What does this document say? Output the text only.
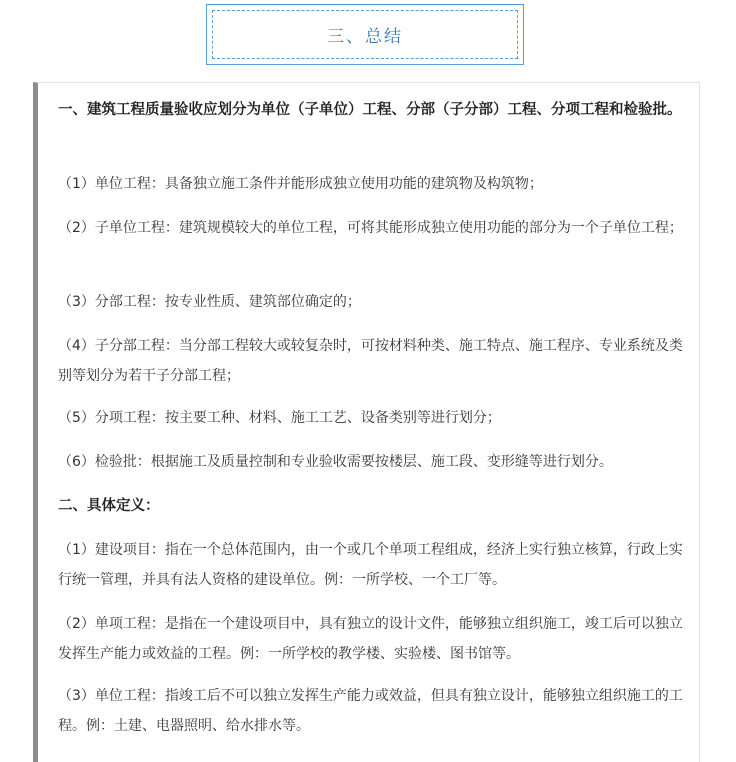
三、总结
一、建筑工程质量验收应划分为单位（子单位）工程、分部（子分部）工程、分项工程和检验批。
（1）单位工程：具备独立施工条件并能形成独立使用功能的建筑物及构筑物；
（2）子单位工程：建筑规模较大的单位工程，可将其能形成独立使用功能的部分为一个子单位工程；
（3）分部工程：按专业性质、建筑部位确定的；
（4）子分部工程：当分部工程较大或较复杂时，可按材料种类、施工特点、施工程序、专业系统及类别等划分为若干子分部工程；
（5）分项工程：按主要工种、材料、施工工艺、设备类别等进行划分；
（6）检验批：根据施工及质量控制和专业验收需要按楼层、施工段、变形缝等进行划分。
二、具体定义：
（1）建设项目：指在一个总体范围内，由一个或几个单项工程组成，经济上实行独立核算，行政上实行统一管理，并具有法人资格的建设单位。例：一所学校、一个工厂等。
（2）单项工程：是指在一个建设项目中，具有独立的设计文件，能够独立组织施工，竣工后可以独立发挥生产能力或效益的工程。例：一所学校的教学楼、实验楼、图书馆等。
（3）单位工程：指竣工后不可以独立发挥生产能力或效益，但具有独立设计，能够独立组织施工的工程。例：土建、电器照明、给水排水等。
